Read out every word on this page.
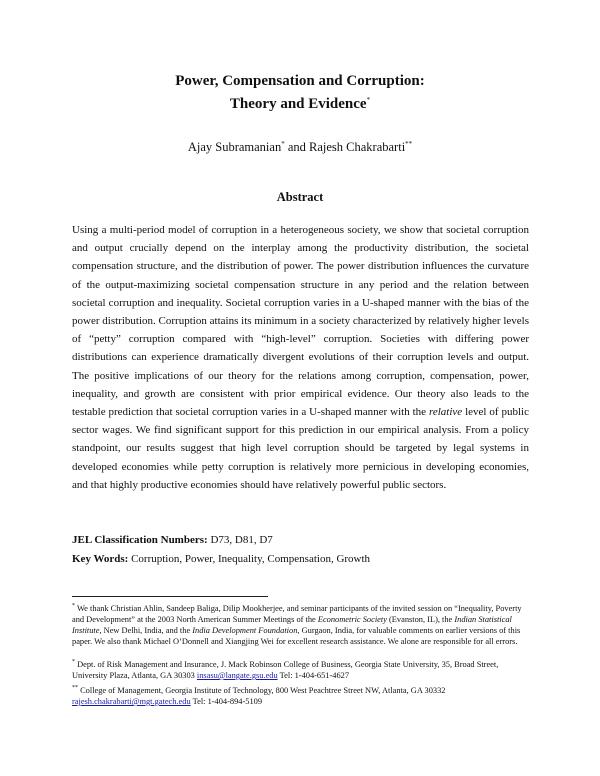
Power, Compensation and Corruption:
Theory and Evidence*
Ajay Subramanian* and Rajesh Chakrabarti**
Abstract

Using a multi-period model of corruption in a heterogeneous society, we show that societal corruption and output crucially depend on the interplay among the productivity distribution, the societal compensation structure, and the distribution of power. The power distribution influences the curvature of the output-maximizing societal compensation structure in any period and the relation between societal corruption and inequality. Societal corruption varies in a U-shaped manner with the bias of the power distribution. Corruption attains its minimum in a society characterized by relatively higher levels of “petty” corruption compared with “high-level” corruption. Societies with differing power distributions can experience dramatically divergent evolutions of their corruption levels and output. The positive implications of our theory for the relations among corruption, compensation, power, inequality, and growth are consistent with prior empirical evidence. Our theory also leads to the testable prediction that societal corruption varies in a U-shaped manner with the relative level of public sector wages. We find significant support for this prediction in our empirical analysis. From a policy standpoint, our results suggest that high level corruption should be targeted by legal systems in developed economies while petty corruption is relatively more pernicious in developing economies, and that highly productive economies should have relatively powerful public sectors.

JEL Classification Numbers: D73, D81, D7
Key Words: Corruption, Power, Inequality, Compensation, Growth

* We thank Christian Ahlin, Sandeep Baliga, Dilip Mookherjee, and seminar participants of the invited session on “Inequality, Poverty and Development” at the 2003 North American Summer Meetings of the Econometric Society (Evanston, IL), the Indian Statistical Institute, New Delhi, India, and the India Development Foundation, Gurgaon, India, for valuable comments on earlier versions of this paper. We also thank Michael O’Donnell and Xiangjing Wei for excellent research assistance. We alone are responsible for all errors.

* Dept. of Risk Management and Insurance, J. Mack Robinson College of Business, Georgia State University, 35, Broad Street, University Plaza, Atlanta, GA 30303 insasu@langate.gsu.edu Tel: 1-404-651-4627

** College of Management, Georgia Institute of Technology, 800 West Peachtree Street NW, Atlanta, GA 30332
rajesh.chakrabarti@mgt.gatech.edu Tel: 1-404-894-5109
